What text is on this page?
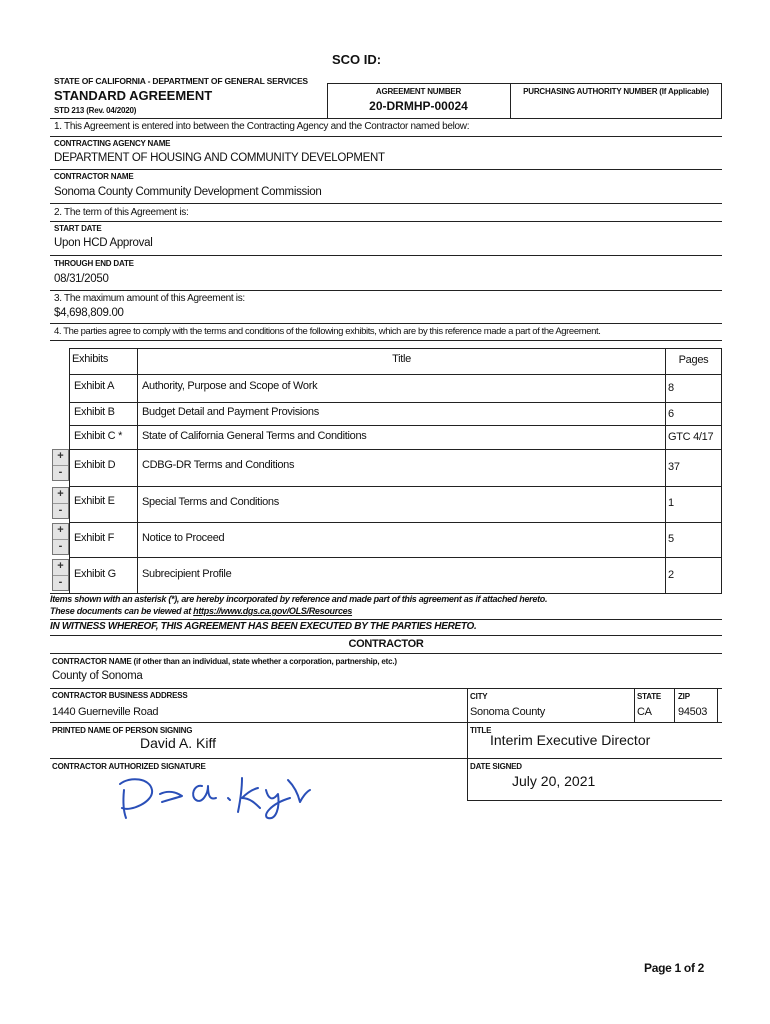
SCO ID:
STATE OF CALIFORNIA - DEPARTMENT OF GENERAL SERVICES
STANDARD AGREEMENT
STD 213 (Rev. 04/2020)
AGREEMENT NUMBER
20-DRMHP-00024
PURCHASING AUTHORITY NUMBER (If Applicable)
1. This Agreement is entered into between the Contracting Agency and the Contractor named below:
CONTRACTING AGENCY NAME
DEPARTMENT OF HOUSING AND COMMUNITY DEVELOPMENT
CONTRACTOR NAME
Sonoma County Community Development Commission
2. The term of this Agreement is:
START DATE
Upon HCD Approval
THROUGH END DATE
08/31/2050
3. The maximum amount of this Agreement is:
$4,698,809.00
4. The parties agree to comply with the terms and conditions of the following exhibits, which are by this reference made a part of the Agreement.
Exhibits	Title	Pages
Exhibit A	Authority, Purpose and Scope of Work	8
Exhibit B Budget Detail and Payment Provisions	6
Exhibit C * State of California General Terms and Conditions	GTC 4/17
Exhibit D CDBG-DR Terms and Conditions	37
Exhibit E Special Terms and Conditions	1
Exhibit F	Notice to Proceed	5
Exhibit G Subrecipient Profile	2
+
-
+
-
+
-
+
-
Items shown with an asterisk (*), are hereby incorporated by reference and made part of this agreement as if attached hereto.
These documents can be viewed at https://www.dgs.ca.gov/OLS/Resources
IN WITNESS WHEREOF, THIS AGREEMENT HAS BEEN EXECUTED BY THE PARTIES HERETO.
CONTRACTOR
CONTRACTOR NAME (if other than an individual, state whether a corporation, partnership, etc.)
County of Sonoma
CONTRACTOR BUSINESS ADDRESS
1440 Guerneville Road
CITY
Sonoma County
STATE
CA
ZIP
94503
PRINTED NAME OF PERSON SIGNING
David A. Kiff
TITLE
Interim Executive Director
CONTRACTOR AUTHORIZED SIGNATURE	DATE SIGNED
July 20, 2021
Page 1 of 2
